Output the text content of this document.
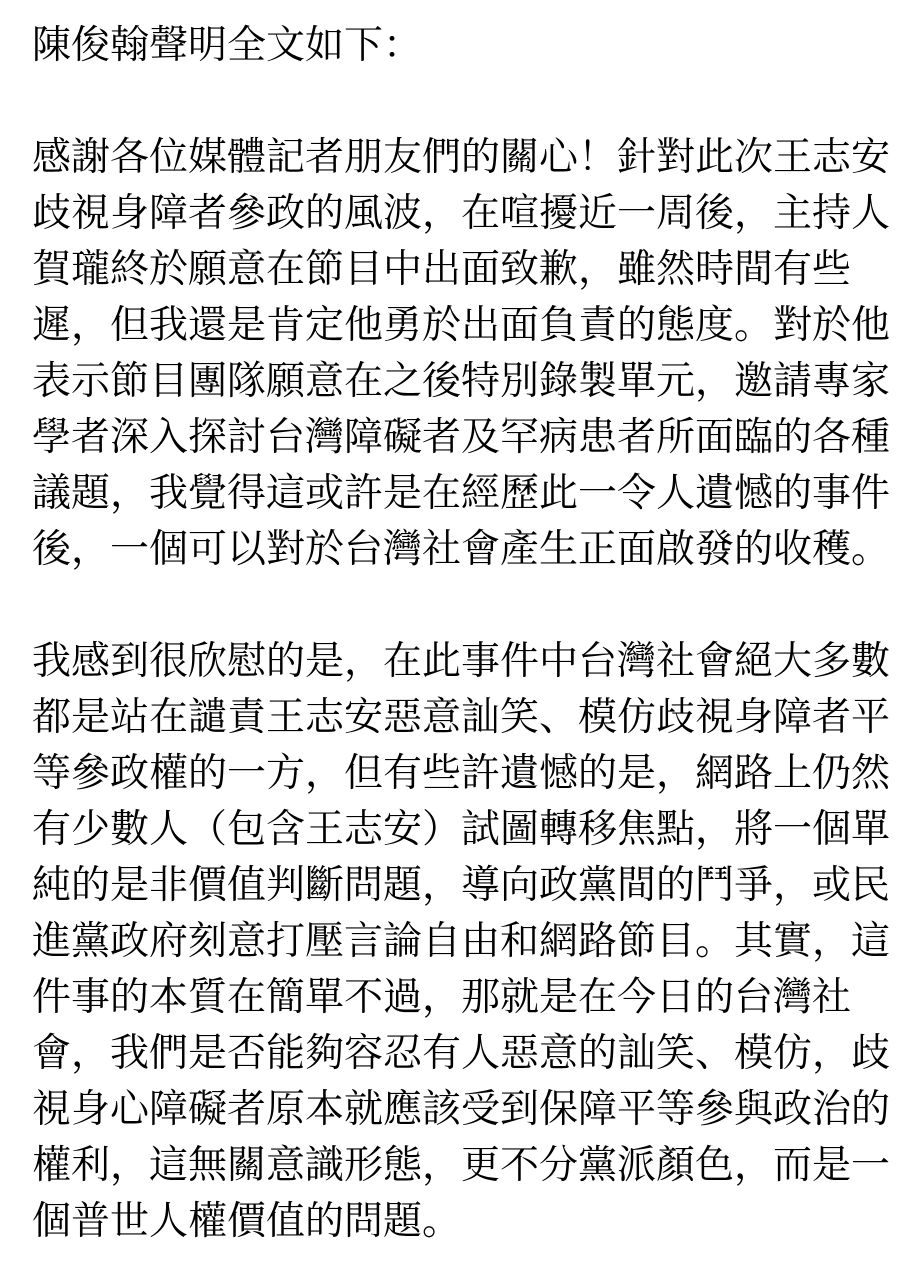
陳俊翰聲明全文如下：
感謝各位媒體記者朋友們的關心！針對此次王志安
歧視身障者參政的風波，在喧擾近一周後，主持人
賀瓏終於願意在節目中出面致歉，雖然時間有些
遲，但我還是肯定他勇於出面負責的態度。對於他
表示節目團隊願意在之後特別錄製單元，邀請專家
學者深入探討台灣障礙者及罕病患者所面臨的各種
議題，我覺得這或許是在經歷此一令人遺憾的事件
後，一個可以對於台灣社會產生正面啟發的收穫。
我感到很欣慰的是，在此事件中台灣社會絕大多數
都是站在譴責王志安惡意訕笑、模仿歧視身障者平
等參政權的一方，但有些許遺憾的是，網路上仍然
有少數人（包含王志安）試圖轉移焦點，將一個單
純的是非價值判斷問題，導向政黨間的鬥爭，或民
進黨政府刻意打壓言論自由和網路節目。其實，這
件事的本質在簡單不過，那就是在今日的台灣社
會，我們是否能夠容忍有人惡意的訕笑、模仿，歧
視身心障礙者原本就應該受到保障平等參與政治的
權利，這無關意識形態，更不分黨派顏色，而是一
個普世人權價值的問題。
